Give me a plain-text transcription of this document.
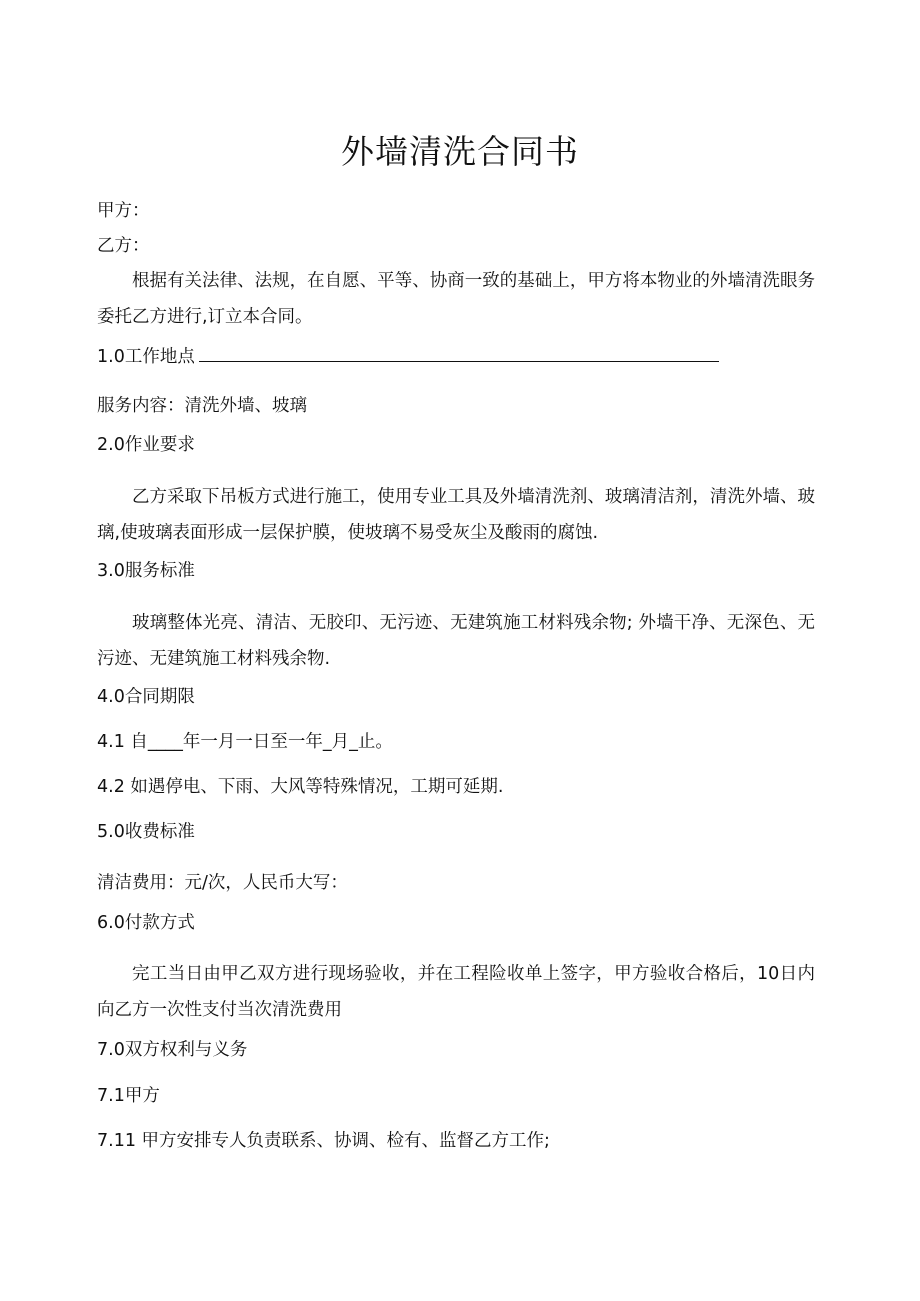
外墙清洗合同书
甲方：
乙方：
根据有关法律、法规，在自愿、平等、协商一致的基础上，甲方将本物业的外墙清洗眼务委托乙方进行,订立本合同。
1.0工作地点
服务内容：清洗外墙、坡璃
2.0作业要求
乙方采取下吊板方式进行施工，使用专业工具及外墙清洗剂、玻璃清洁剂，清洗外墙、玻璃,使玻璃表面形成一层保护膜，使坡璃不易受灰尘及酸雨的腐蚀.
3.0服务标准
玻璃整体光亮、清洁、无胶印、无污迹、无建筑施工材料残余物; 外墙干净、无深色、无污迹、无建筑施工材料残余物.
4.0合同期限
4.1 自____年一月一日至一年_月_止。
4.2 如遇停电、下雨、大风等特殊情况，工期可延期.
5.0收费标准
清洁费用：元/次，人民币大写：
6.0付款方式
完工当日由甲乙双方进行现场验收，并在工程险收单上签字，甲方验收合格后，10日内向乙方一次性支付当次清洗费用
7.0双方权利与义务
7.1甲方
7.11 甲方安排专人负责联系、协调、检有、监督乙方工作;
